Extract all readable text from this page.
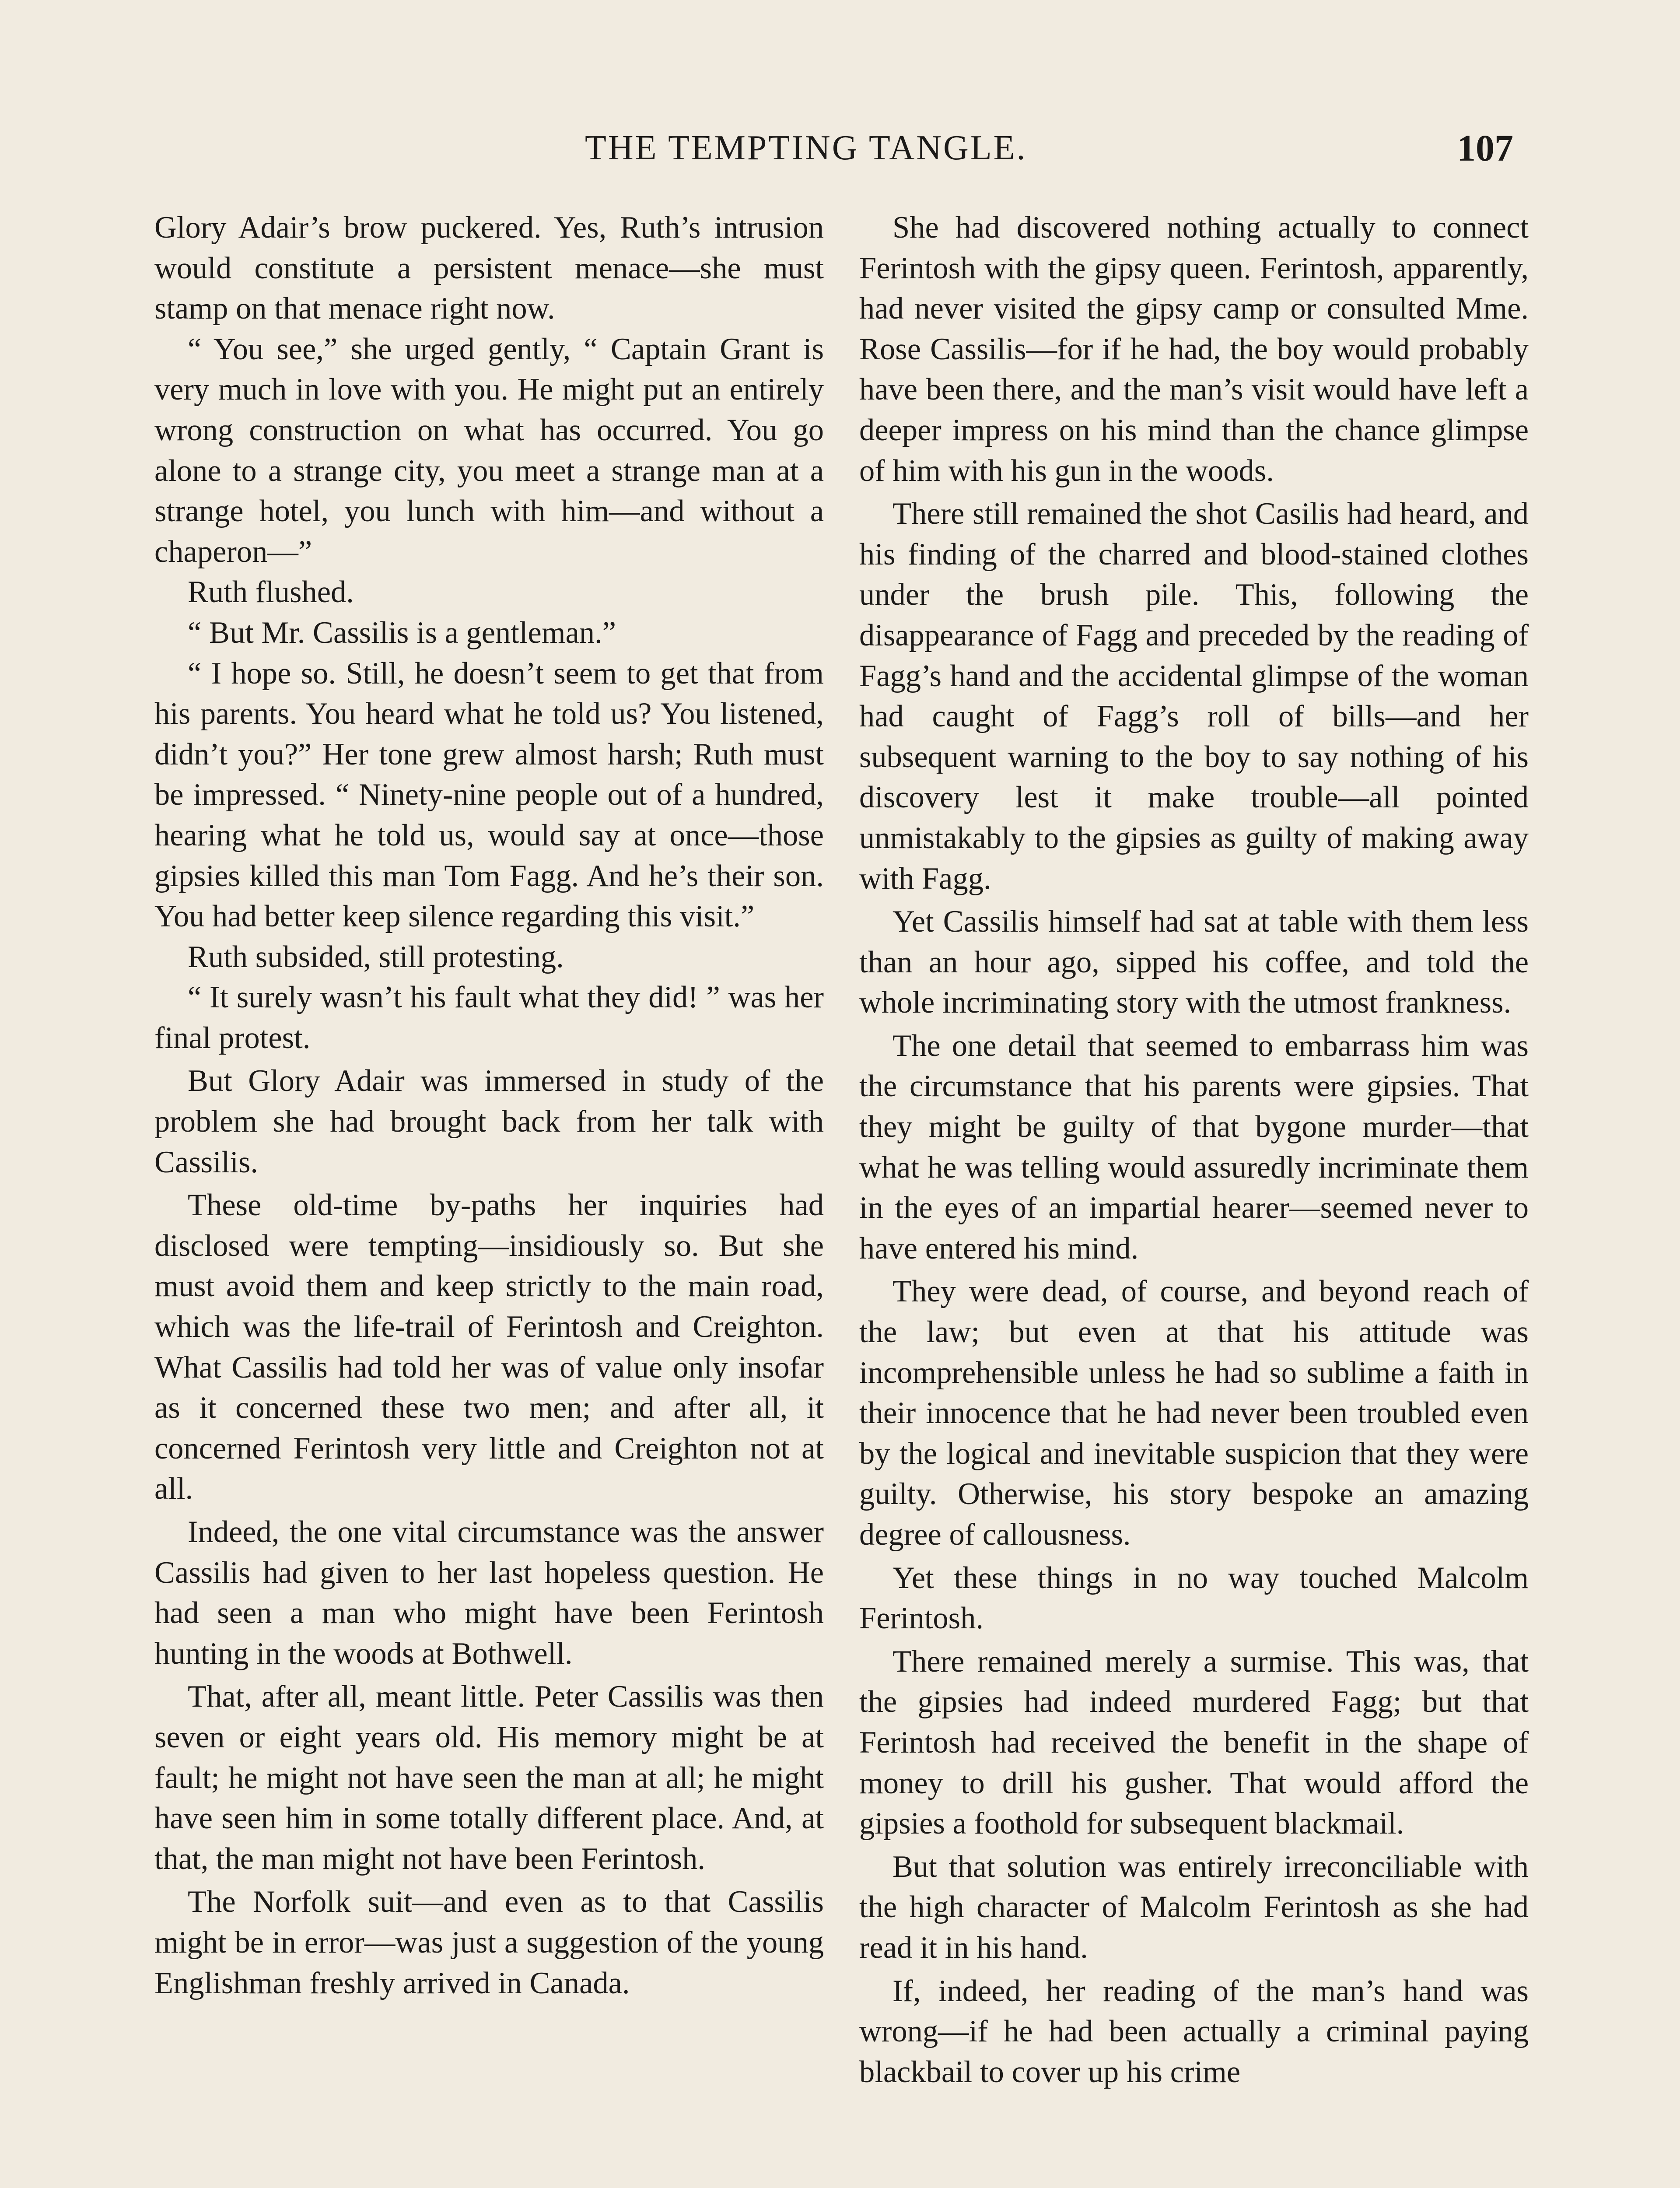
THE TEMPTING TANGLE.	107

Glory Adair’s brow puckered. Yes, Ruth’s intrusion would constitute a persistent menace—she must stamp on that menace right now.

“ You see,” she urged gently, “ Captain Grant is very much in love with you. He might put an entirely wrong construction on what has occurred. You go alone to a strange city, you meet a strange man at a strange hotel, you lunch with him—and without a chaperon—”

Ruth flushed.

“ But Mr. Cassilis is a gentleman.”

“ I hope so. Still, he doesn’t seem to get that from his parents. You heard what he told us? You listened, didn’t you?” Her tone grew almost harsh; Ruth must be impressed. “ Ninety-nine people out of a hundred, hearing what he told us, would say at once—those gipsies killed this man Tom Fagg. And he’s their son. You had better keep silence regarding this visit.”

Ruth subsided, still protesting.

“ It surely wasn’t his fault what they did! ” was her final protest.

But Glory Adair was immersed in study of the problem she had brought back from her talk with Cassilis.

These old-time by-paths her inquiries had disclosed were tempting—insidiously so. But she must avoid them and keep strictly to the main road, which was the life-trail of Ferintosh and Creighton. What Cassilis had told her was of value only insofar as it concerned these two men; and after all, it concerned Ferintosh very little and Creighton not at all.

Indeed, the one vital circumstance was the answer Cassilis had given to her last hopeless question. He had seen a man who might have been Ferintosh hunting in the woods at Bothwell.

That, after all, meant little. Peter Cassilis was then seven or eight years old. His memory might be at fault; he might not have seen the man at all; he might have seen him in some totally different place. And, at that, the man might not have been Ferintosh.

The Norfolk suit—and even as to that Cassilis might be in error—was just a suggestion of the young Englishman freshly arrived in Canada.

She had discovered nothing actually to connect Ferintosh with the gipsy queen. Ferintosh, apparently, had never visited the gipsy camp or consulted Mme. Rose Cassilis—for if he had, the boy would probably have been there, and the man’s visit would have left a deeper impress on his mind than the chance glimpse of him with his gun in the woods.

There still remained the shot Casilis had heard, and his finding of the charred and blood-stained clothes under the brush pile. This, following the disappearance of Fagg and preceded by the reading of Fagg’s hand and the accidental glimpse of the woman had caught of Fagg’s roll of bills—and her subsequent warning to the boy to say nothing of his discovery lest it make trouble—all pointed unmistakably to the gipsies as guilty of making away with Fagg.

Yet Cassilis himself had sat at table with them less than an hour ago, sipped his coffee, and told the whole incriminating story with the utmost frankness.

The one detail that seemed to embarrass him was the circumstance that his parents were gipsies. That they might be guilty of that bygone murder—that what he was telling would assuredly incriminate them in the eyes of an impartial hearer—seemed never to have entered his mind.

They were dead, of course, and beyond reach of the law; but even at that his attitude was incomprehensible unless he had so sublime a faith in their innocence that he had never been troubled even by the logical and inevitable suspicion that they were guilty. Otherwise, his story bespoke an amazing degree of callousness.

Yet these things in no way touched Malcolm Ferintosh.

There remained merely a surmise. This was, that the gipsies had indeed murdered Fagg; but that Ferintosh had received the benefit in the shape of money to drill his gusher. That would afford the gipsies a foothold for subsequent blackmail.

But that solution was entirely irreconciliable with the high character of Malcolm Ferintosh as she had read it in his hand.

If, indeed, her reading of the man’s hand was wrong—if he had been actually a criminal paying blackbail to cover up his crime
